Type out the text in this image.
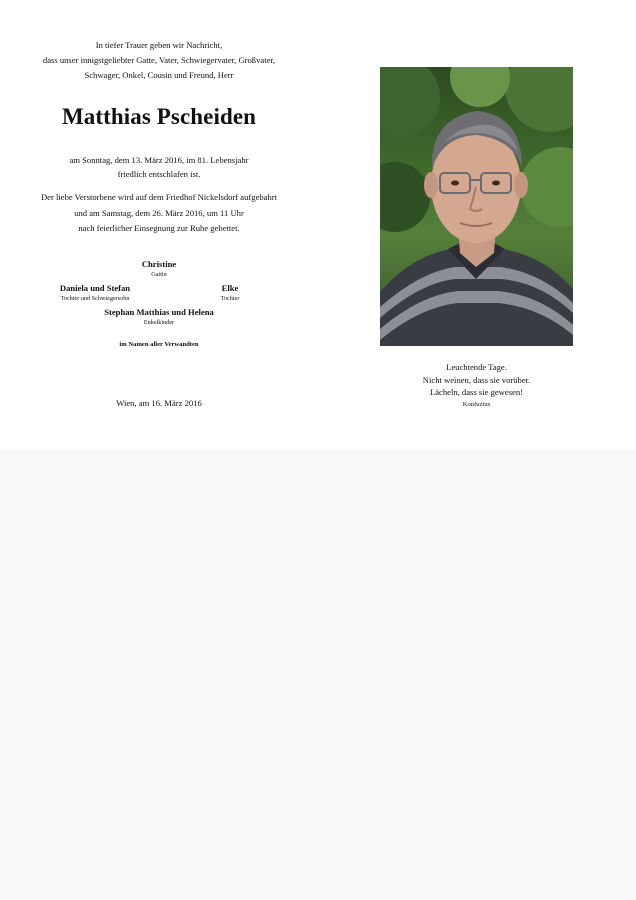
In tiefer Trauer geben wir Nachricht,
dass unser innigstgeliebter Gatte, Vater, Schwiegervater, Großvater,
Schwager, Onkel, Cousin und Freund, Herr

Matthias Pscheiden

am Sonntag, dem 13. März 2016, im 81. Lebensjahr
friedlich entschlafen ist.

Der liebe Verstorbene wird auf dem Friedhof Nickelsdorf aufgebahrt
und am Samstag, dem 26. März 2016, um 11 Uhr
nach feierlicher Einsegnung zur Ruhe gebettet.

Christine
Gattin
Daniela und Stefan
Tochter und Schwiegersohn
Elke
Tochter
Stephan Matthias und Helena
Enkelkinder
im Namen aller Verwandten
Wien, am 16. März 2016
Leuchtende Tage.
Nicht weinen, dass sie vorüber.
Lächeln, dass sie gewesen!
Konfuzius
